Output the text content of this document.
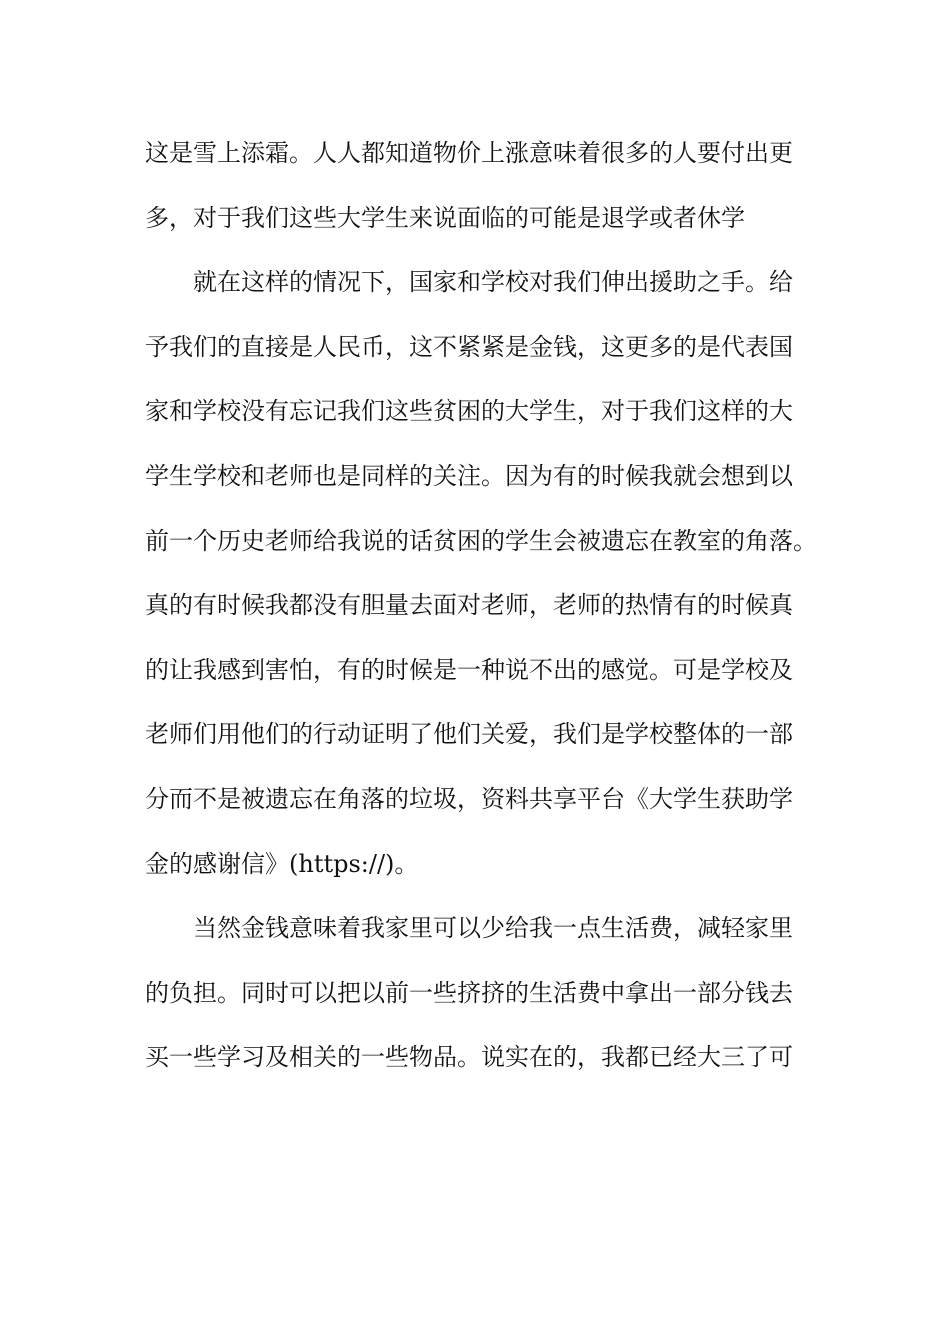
这是雪上添霜。人人都知道物价上涨意味着很多的人要付出更
多，对于我们这些大学生来说面临的可能是退学或者休学
就在这样的情况下，国家和学校对我们伸出援助之手。给
予我们的直接是人民币，这不紧紧是金钱，这更多的是代表国
家和学校没有忘记我们这些贫困的大学生，对于我们这样的大
学生学校和老师也是同样的关注。因为有的时候我就会想到以
前一个历史老师给我说的话贫困的学生会被遗忘在教室的角落。
真的有时候我都没有胆量去面对老师，老师的热情有的时候真
的让我感到害怕，有的时候是一种说不出的感觉。可是学校及
老师们用他们的行动证明了他们关爱，我们是学校整体的一部
分而不是被遗忘在角落的垃圾，资料共享平台《大学生获助学
金的感谢信》(https://)。
当然金钱意味着我家里可以少给我一点生活费，减轻家里
的负担。同时可以把以前一些挤挤的生活费中拿出一部分钱去
买一些学习及相关的一些物品。说实在的，我都已经大三了可
